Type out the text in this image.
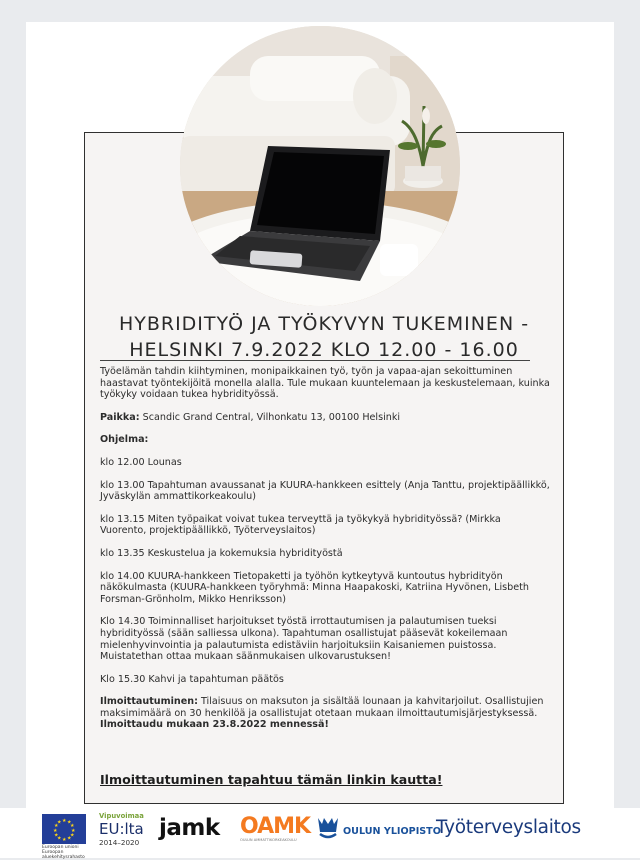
HYBRIDITYÖ JA TYÖKYVYN TUKEMINEN -
HELSINKI 7.9.2022 KLO 12.00 - 16.00

Työelämän tahdin kiihtyminen, monipaikkainen työ, työn ja vapaa-ajan sekoittuminen haastavat työntekijöitä monella alalla. Tule mukaan kuuntelemaan ja keskustelemaan, kuinka työkyky voidaan tukea hybridityössä.

Paikka: Scandic Grand Central, Vilhonkatu 13, 00100 Helsinki

Ohjelma:

klo 12.00 Lounas

klo 13.00 Tapahtuman avaussanat ja KUURA-hankkeen esittely (Anja Tanttu, projektipäällikkö, Jyväskylän ammattikorkeakoulu)

klo 13.15 Miten työpaikat voivat tukea terveyttä ja työkykyä hybridityössä? (Mirkka Vuorento, projektipäällikkö, Työterveyslaitos)

klo 13.35 Keskustelua ja kokemuksia hybridityöstä

klo 14.00 KUURA-hankkeen Tietopaketti ja työhön kytkeytyvä kuntoutus hybridityön näkökulmasta (KUURA-hankkeen työryhmä: Minna Haapakoski, Katriina Hyvönen, Lisbeth Forsman-Grönholm, Mikko Henriksson)

Klo 14.30 Toiminnalliset harjoitukset työstä irrottautumisen ja palautumisen tueksi hybridityössä (sään salliessa ulkona). Tapahtuman osallistujat pääsevät kokeilemaan mielenhyvinvointia ja palautumista edistäviin harjoituksiin Kaisaniemen puistossa. Muistatethan ottaa mukaan säänmukaisen ulkovarustuksen!

Klo 15.30 Kahvi ja tapahtuman päätös

Ilmoittautuminen: Tilaisuus on maksuton ja sisältää lounaan ja kahvitarjoilut. Osallistujien maksimimäärä on 30 henkilöä ja osallistujat otetaan mukaan ilmoittautumisjärjestyksessä. Ilmoittaudu mukaan 23.8.2022 mennessä!

Ilmoittautuminen tapahtuu tämän linkin kautta!
★ ★
★
★
★
★
★
★
★
★
★
★
Euroopan unioni Euroopan aluekehitysrahasto
Vipuvoimaa
EU:lta
2014–2020
jamk OAMK
OULUN AMMATTIKORKEAKOULU
OULUN YLIOPISTO
Työterveyslaitos
